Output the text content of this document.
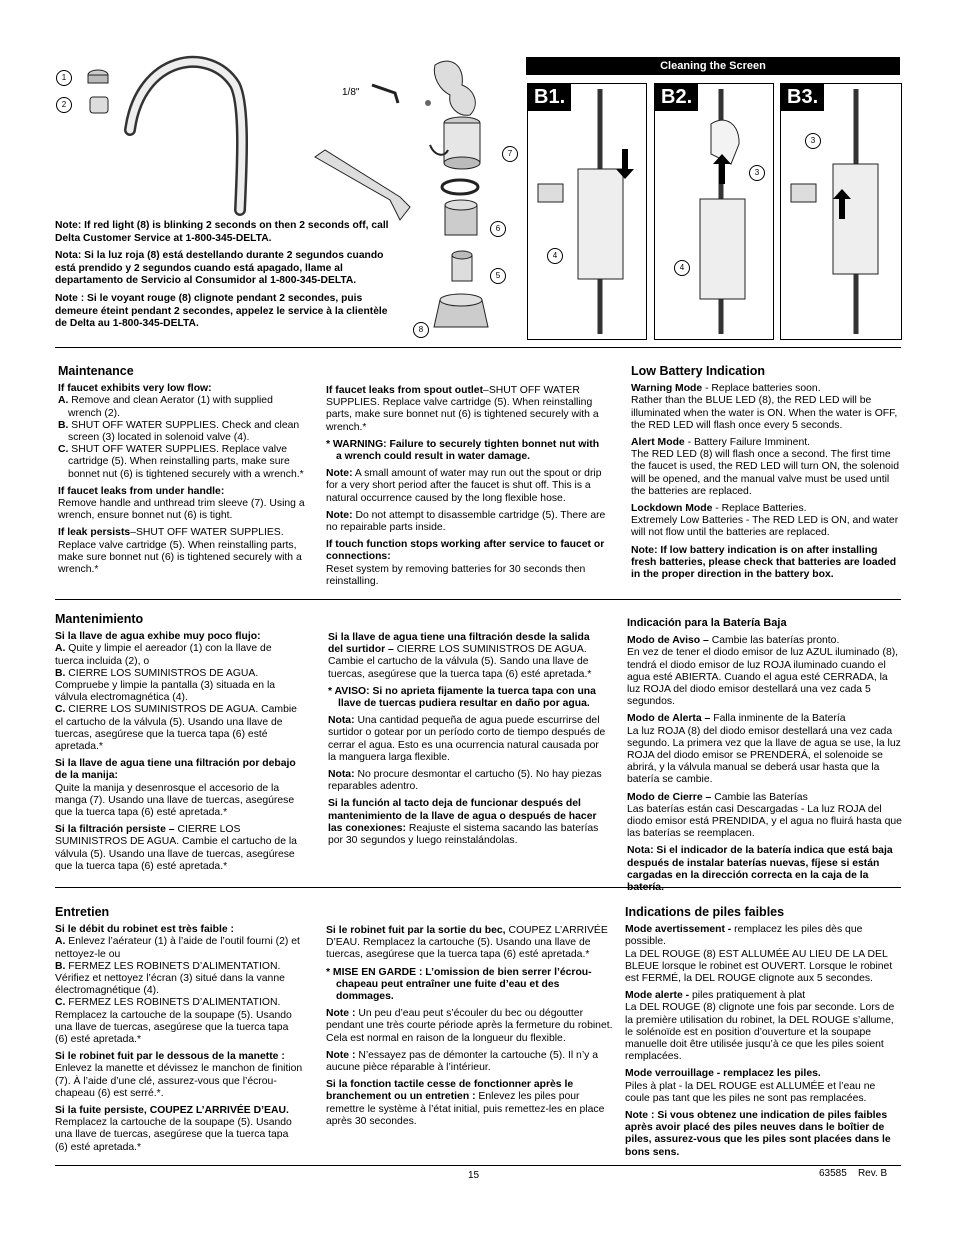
1
2
7
6
5
8
1/8"
Note: If red light (8) is blinking 2 seconds on then 2 seconds off, call Delta Customer Service at 1-800-345-DELTA.
Nota: Si la luz roja (8) está destellando durante 2 segundos cuando está prendido y 2 segundos cuando está apagado, llame al departamento de Servicio al Consumidor al 1-800-345-DELTA.
Note : Si le voyant rouge (8) clignote pendant 2 secondes, puis demeure éteint pendant 2 secondes, appelez le service à la clientèle de Delta au 1-800-345-DELTA.
Cleaning the Screen
B1.
4
B2.
3
4
B3.
3
Maintenance
If faucet exhibits very low flow:
A. Remove and clean Aerator (1) with supplied wrench (2).
B. SHUT OFF WATER SUPPLIES. Check and clean screen (3) located in solenoid valve (4).

C. SHUT OFF WATER SUPPLIES. Replace valve cartridge (5). When reinstalling parts, make sure bonnet nut (6) is tightened securely with a wrench.*

If faucet leaks from under handle:

Remove handle and unthread trim sleeve (7). Using a wrench, ensure bonnet nut (6) is tight.

If leak persists–SHUT OFF WATER SUPPLIES. Replace valve cartridge (5). When reinstalling parts, make sure bonnet nut (6) is tightened securely with a wrench.*

If faucet leaks from spout outlet–SHUT OFF WATER SUPPLIES. Replace valve cartridge (5). When reinstalling parts, make sure bonnet nut (6) is tightened securely with a wrench.*

* WARNING: Failure to securely tighten bonnet nut with a wrench could result in water damage.

Note: A small amount of water may run out the spout or drip for a very short period after the faucet is shut off. This is a natural occurrence caused by the long flexible hose.

Note: Do not attempt to disassemble cartridge (5). There are no repairable parts inside.

If touch function stops working after service to faucet or connections:

Reset system by removing batteries for 30 seconds then reinstalling.

Low Battery Indication

Warning Mode - Replace batteries soon.
Rather than the BLUE LED (8), the RED LED will be illuminated when the water is ON. When the water is OFF, the RED LED will flash once every 5 seconds.

Alert Mode - Battery Failure Imminent.
The RED LED (8) will flash once a second. The first time the faucet is used, the RED LED will turn ON, the solenoid will be opened, and the manual valve must be used until the batteries are replaced.

Lockdown Mode - Replace Batteries.
Extremely Low Batteries - The RED LED is ON, and water will not flow until the batteries are replaced.

Note: If low battery indication is on after installing fresh batteries, please check that batteries are loaded in the proper direction in the battery box.

Mantenimiento
Si la llave de agua exhibe muy poco flujo:
A. Quite y limpie el aereador (1) con la llave de tuerca incluida (2), o
B. CIERRE LOS SUMINISTROS DE AGUA. Compruebe y limpie la pantalla (3) situada en la válvula electromagnética (4).

C. CIERRE LOS SUMINISTROS DE AGUA. Cambie el cartucho de la válvula (5). Usando una llave de tuercas, asegúrese que la tuerca tapa (6) esté apretada.*

Si la llave de agua tiene una filtración por debajo de la manija:

Quite la manija y desenrosque el accesorio de la manga (7). Usando una llave de tuercas, asegúrese que la tuerca tapa (6) esté apretada.*

Si la filtración persiste – CIERRE LOS SUMINISTROS DE AGUA. Cambie el cartucho de la válvula (5). Usando una llave de tuercas, asegúrese que la tuerca tapa (6) esté apretada.*

Si la llave de agua tiene una filtración desde la salida del surtidor – CIERRE LOS SUMINISTROS DE AGUA. Cambie el cartucho de la válvula (5). Sando una llave de tuercas, asegúrese que la tuerca tapa (6) esté apretada.*

* AVISO: Si no aprieta fijamente la tuerca tapa con una llave de tuercas pudiera resultar en daño por agua.

Nota: Una cantidad pequeña de agua puede escurrirse del surtidor o gotear por un período corto de tiempo después de cerrar el agua. Esto es una ocurrencia natural causada por la manguera larga flexible.

Nota: No procure desmontar el cartucho (5). No hay piezas reparables adentro.

Si la función al tacto deja de funcionar después del mantenimiento de la llave de agua o después de hacer las conexiones: Reajuste el sistema sacando las baterías por 30 segundos y luego reinstalándolas.

Indicación para la Batería Baja

Modo de Aviso – Cambie las baterías pronto.
En vez de tener el diodo emisor de luz AZUL iluminado (8), tendrá el diodo emisor de luz ROJA iluminado cuando el agua esté ABIERTA. Cuando el agua esté CERRADA, la luz ROJA del diodo emisor destellará una vez cada 5 segundos.

Modo de Alerta – Falla inminente de la Batería
La luz ROJA (8) del diodo emisor destellará una vez cada segundo. La primera vez que la llave de agua se use, la luz ROJA del diodo emisor se PRENDERÁ, el solenoide se abrirá, y la válvula manual se deberá usar hasta que la batería se cambie.

Modo de Cierre – Cambie las Baterías
Las baterías están casi Descargadas - La luz ROJA del diodo emisor está PRENDIDA, y el agua no fluirá hasta que las baterías se reemplacen.

Nota: Si el indicador de la batería indica que está baja después de instalar baterías nuevas, fíjese si están cargadas en la dirección correcta en la caja de la

Entretien
Si le débit du robinet est très faible :
A. Enlevez l’aérateur (1) à l’aide de l’outil fourni (2) et nettoyez-le ou
B. FERMEZ LES ROBINETS D’ALIMENTATION. Vérifiez et nettoyez l’écran (3) situé dans la vanne électromagnétique (4).

C. FERMEZ LES ROBINETS D’ALIMENTATION. Remplacez la cartouche de la soupape (5). Usando una llave de tuercas, asegúrese que la tuerca tapa (6) esté apretada.*

Si le robinet fuit par le dessous de la manette :

Enlevez la manette et dévissez le manchon de finition (7). À l’aide d’une clé, assurez-vous que l’écrou-chapeau (6) est serré.*.

Si la fuite persiste, COUPEZ L’ARRIVÉE D’EAU.

Remplacez la cartouche de la soupape (5). Usando una llave de tuercas, asegúrese que la tuerca tapa (6) esté apretada.*

Si le robinet fuit par la sortie du bec, COUPEZ L’ARRIVÉE D’EAU. Remplacez la cartouche (5). Usando una llave de tuercas, asegúrese que la tuerca tapa (6) esté apretada.*

* MISE EN GARDE : L’omission de bien serrer l’écrou-chapeau peut entraîner une fuite d’eau et des dommages.

Note : Un peu d’eau peut s’écouler du bec ou dégoutter pendant une très courte période après la fermeture du robinet. Cela est normal en raison de la longueur du flexible.

Note : N’essayez pas de démonter la cartouche (5). Il n’y a aucune pièce réparable à l’intérieur.

Si la fonction tactile cesse de fonctionner après le branchement ou un entretien : Enlevez les piles pour remettre le système à l’état initial, puis remettez-les en place après 30 secondes.

Indications de piles faibles

Mode avertissement - remplacez les piles dès que possible.
La DEL ROUGE (8) EST ALLUMÉE AU LIEU DE LA DEL BLEUE lorsque le robinet est OUVERT. Lorsque le robinet est FERMÉ, la DEL ROUGE clignote aux 5 secondes.

Mode alerte - piles pratiquement à plat
La DEL ROUGE (8) clignote une fois par seconde. Lors de la première utilisation du robinet, la DEL ROUGE s’allume, le solénoïde est en position d’ouverture et la soupape manuelle doit être utilisée jusqu’à ce que les piles soient remplacées.

Mode verrouillage - remplacez les piles.
Piles à plat - la DEL ROUGE est ALLUMÉE et l’eau ne coule pas tant que les piles ne sont pas remplacées.

Note : Si vous obtenez une indication de piles faibles après avoir placé des piles neuves dans le boîtier de piles, assurez-vous que les piles sont placées dans le bons sens.

15	63585 Rev. B
